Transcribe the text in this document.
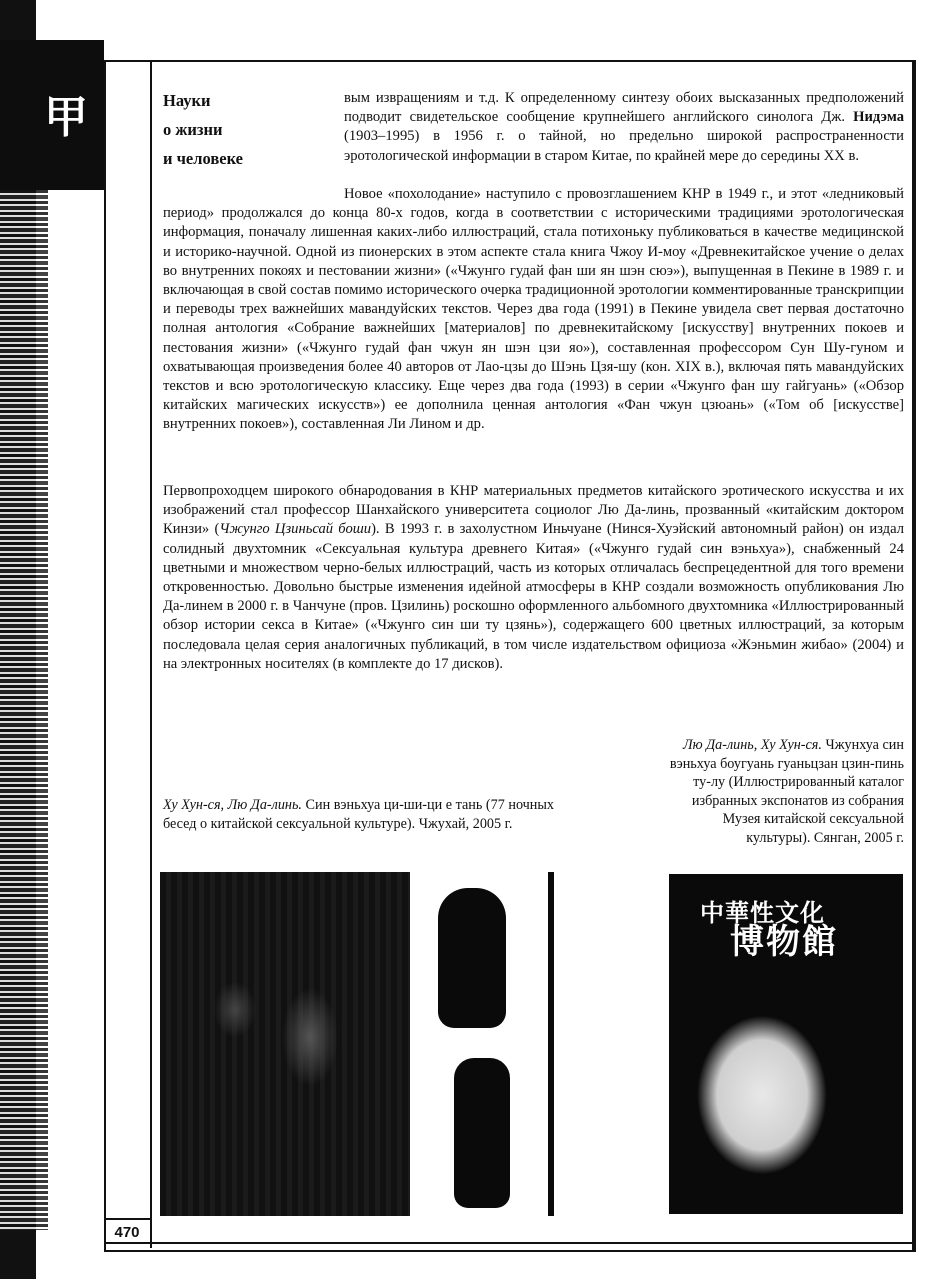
甲	Науки
о жизни
и человеке
вым извращениям и т.д. К определенному синтезу обоих высказанных предположений подводит свидетельское сообщение крупнейшего английского синолога Дж. Нидэма (1903–1995) в 1956 г. о тайной, но предельно широкой распространенности эротологической информации в старом Китае, по крайней мере до середины XX в.
Новое «похолодание» наступило с провозглашением КНР в 1949 г., и этот «ледниковый период» продолжался до конца 80-х годов, когда в соответствии с историческими традициями эротологическая информация, поначалу лишенная каких-либо иллюстраций, стала потихоньку публиковаться в качестве медицинской и историко-научной. Одной из пионерских в этом аспекте стала книга Чжоу И-моу «Древнекитайское учение о делах во внутренних покоях и пестовании жизни» («Чжунго гудай фан ши ян шэн сюэ»), выпущенная в Пекине в 1989 г. и включающая в свой состав помимо исторического очерка традиционной эротологии комментированные транскрипции и переводы трех важнейших мавандуйских текстов. Через два года (1991) в Пекине увидела свет первая достаточно полная антология «Собрание важнейших [материалов] по древнекитайскому [искусству] внутренних покоев и пестования жизни» («Чжунго гудай фан чжун ян шэн цзи яо»), составленная профессором Сун Шу-гуном и охватывающая произведения более 40 авторов от Лао-цзы до Шэнь Цзя-шу (кон. XIX в.), включая пять мавандуйских текстов и всю эротологическую классику. Еще через два года (1993) в серии «Чжунго фан шу гайгуань» («Обзор китайских магических искусств») ее дополнила ценная антология «Фан чжун цзюань» («Том об [искусстве] внутренних покоев»), составленная Ли Лином и др.
Первопроходцем широкого обнародования в КНР материальных предметов китайского эротического искусства и их изображений стал профессор Шанхайского университета социолог Лю Да-линь, прозванный «китайским доктором Кинзи» (Чжунго Цзиньсай боши). В 1993 г. в захолустном Иньчуане (Нинся-Хуэйский автономный район) он издал солидный двухтомник «Сексуальная культура древнего Китая» («Чжунго гудай син вэньхуа»), снабженный 24 цветными и множеством черно-белых иллюстраций, часть из которых отличалась беспрецедентной для того времени откровенностью. Довольно быстрые изменения идейной атмосферы в КНР создали возможность опубликования Лю Да-линем в 2000 г. в Чанчуне (пров. Цзилинь) роскошно оформленного альбомного двухтомника «Иллюстрированный обзор истории секса в Китае» («Чжунго син ши ту цзянь»), содержащего 600 цветных иллюстраций, за которым последовала целая серия аналогичных публикаций, в том числе издательством официоза «Жэньмин жибао» (2004) и на электронных носителях (в комплекте до 17 дисков).
Лю Да-линь, Ху Хун-ся. Чжунхуа син вэньхуа боугуань гуаньцзан цзин-пинь ту-лу (Иллюстрированный каталог избранных экспонатов из собрания Музея китайской сексуальной культуры). Сянган, 2005 г.
Ху Хун-ся, Лю Да-линь. Син вэньхуа ци-ши-ци е тань (77 ночных бесед о китайской сексуальной культуре). Чжухай, 2005 г.
中華性文化
博物館
470
